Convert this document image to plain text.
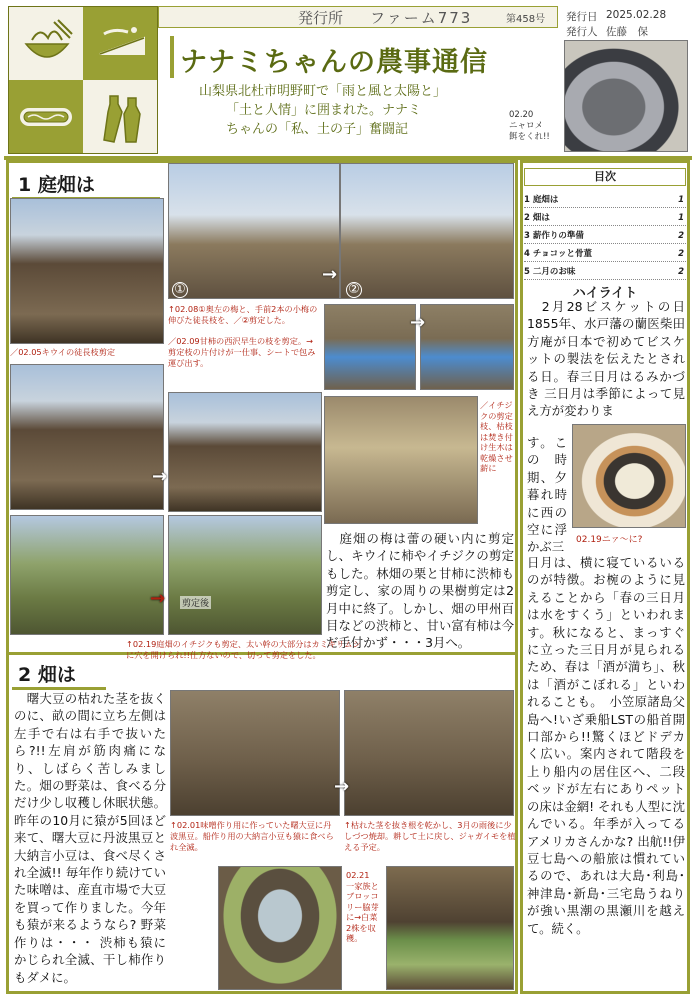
発行所 ファーム773	第458号 発行日 2025.02.28
発行人 佐藤　保
ナナミちゃんの農事通信
山梨県北杜市明野町で「雨と風と太陽と」
「土と人情」に囲まれた。ナナミ
ちゃんの「私、土の子」奮闘記
02.20
ニャロメ
餌をくれ!!
1 庭畑は
／02.05キウイの徒長枝剪定
①	②
→
↑02.08①奥左の梅と、手前2本の小梅の伸びた徒長枝を、／②剪定した。
／02.09甘柿の西沢早生の枝を剪定。→剪定枝の片付けが一仕事、シートで包み運び出す。
→
→
／イチジクの剪定枝、枯枝は焚き付け生木は乾燥させ薪に
→ 剪定後
　庭畑の梅は蕾の硬い内に剪定し、キウイに柿やイチジクの剪定もした。林畑の栗と甘柿に渋柿も剪定し、家の周りの果樹剪定は2月中に終了。しかし、畑の甲州百目などの渋柿と、甘い富有柿は今だ手付かず・・・3月へ。
↑02.19庭畑のイチジクも剪定、太い幹の大部分はカミキリムシに穴を開けられ!!仕方ないので、切って剪定をした。
2 畑は
　曙大豆の枯れた茎を抜くのに、畝の間に立ち左側は左手で右は右手で抜いたら?!!左肩が筋肉痛になり、しばらく苦しみました。畑の野菜は、食べる分だけ少し収穫し休眠状態。昨年の10月に猿が5回ほど来て、曙大豆に丹波黒豆と大納言小豆は、食べ尽くされ全滅!! 毎年作り続けていた味噌は、産直市場で大豆を買って作りました。今年も猿が来るようなら? 野菜作りは・・・ 渋柿も猿にかじられ全滅、干し柿作りもダメに。
→
↑02.01味噌作り用に作っていた曙大豆に丹波黒豆。船作り用の大納言小豆も猿に食べられ全滅。
↑枯れた茎を抜き根を乾かし、3月の雨後に少しづつ焼却。耕して土に戻し、ジャガイモを植える予定。
02.21
一家族とブロッコリー脇芽に→白菜2株を収穫。
目次
1 庭畑は	1
2 畑は	1
3 薪作りの準備	2
4 チョコッと骨董	2
5 二月のお味	2
ハイライト
　2月28ビスケットの日1855年、水戸藩の蘭医柴田方庵が日本で初めてビスケットの製法を伝えたとされる日。春三日月はるみかづき 三日月は季節によって見え方が変わりま
す。この時期、夕暮れ時に西の空に浮かぶ三	02.19ニァ〜に?
日月は、横に寝ているいるのが特徴。お椀のように見えることから「春の三日月は水をすくう」といわれます。秋になると、まっすぐに立った三日月が見られるため、春は「酒が満ち」、秋は「酒がこぼれる」といわれることも。　小笠原諸島父島へ!いざ乗船LSTの船首開口部から!!驚くほどドデカく広い。案内されて階段を上り船内の居住区へ、二段ベッドが左右にありペットの床は金網! それも人型に沈んでいる。年季が入ってるアメリカさんかな? 出航!!伊豆七島への船旅は慣れているので、あれは大島･利島･神津島･新島･三宅島うねりが強い黒潮の黒瀬川を越えて。続く。
